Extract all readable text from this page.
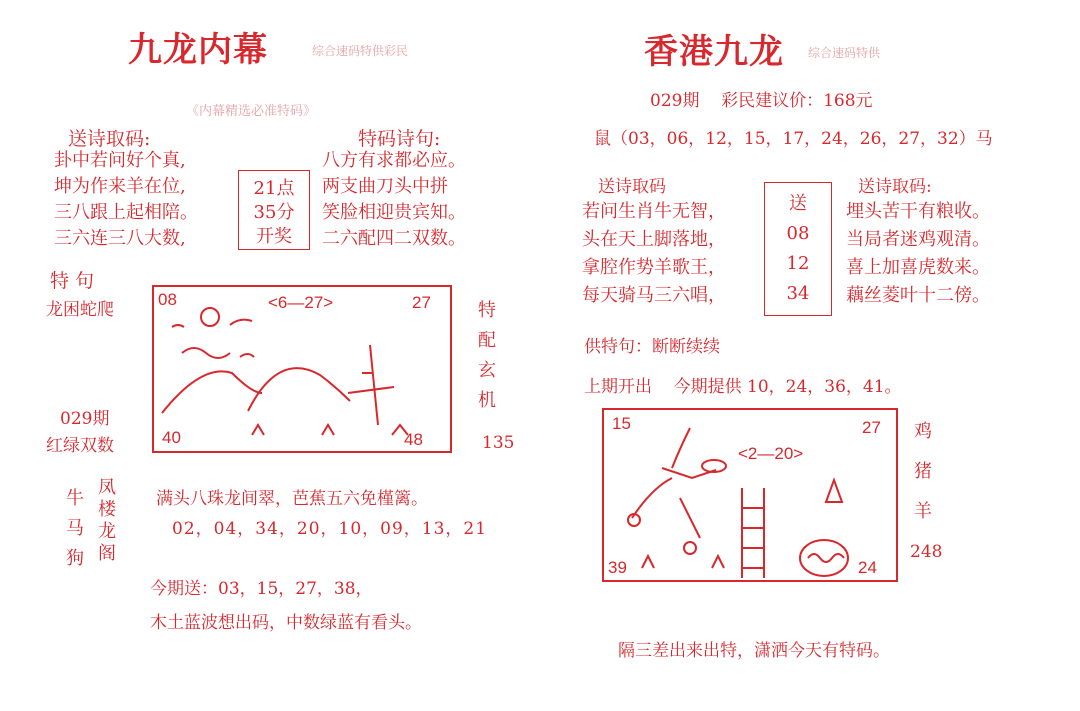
九龙内幕	综合速码特供彩民
《内幕精选必准特码》
送诗取码:
卦中若问好个真,
坤为作来羊在位,
三八跟上起相陪。
三六连三八大数,
21点
35分
开奖
特码诗句:
八方有求都必应。
两支曲刀头中拼
笑脸相迎贵宾知。
二六配四二双数。
特 句
龙困蛇爬
08	<6—27>	27
40	48
特
配
玄
机
029期
红绿双数	135
牛
马
狗
凤
楼
龙
阁
满头八珠龙间翠，芭蕉五六免槿篱。
02，04，34，20，10，09，13，21
今期送：03，15，27，38，
木土蓝波想出码，中数绿蓝有看头。
香港九龙 综合速码特供
029期    彩民建议价：168元
鼠（03，06，12，15，17，24，26，27，32）马
送诗取码	送诗取码:
若问生肖牛无智，
头在天上脚落地，
拿腔作势羊歌王，
每天骑马三六唱，
送
08
12
34
埋头苦干有粮收。
当局者迷鸡观清。
喜上加喜虎数来。
藕丝菱叶十二傍。
供特句：断断续续
上期开出    今期提供 10，24，36，41。
15
<2—20>
27
39	24
鸡
猪
羊
248
隔三差出来出特，潇洒今天有特码。
